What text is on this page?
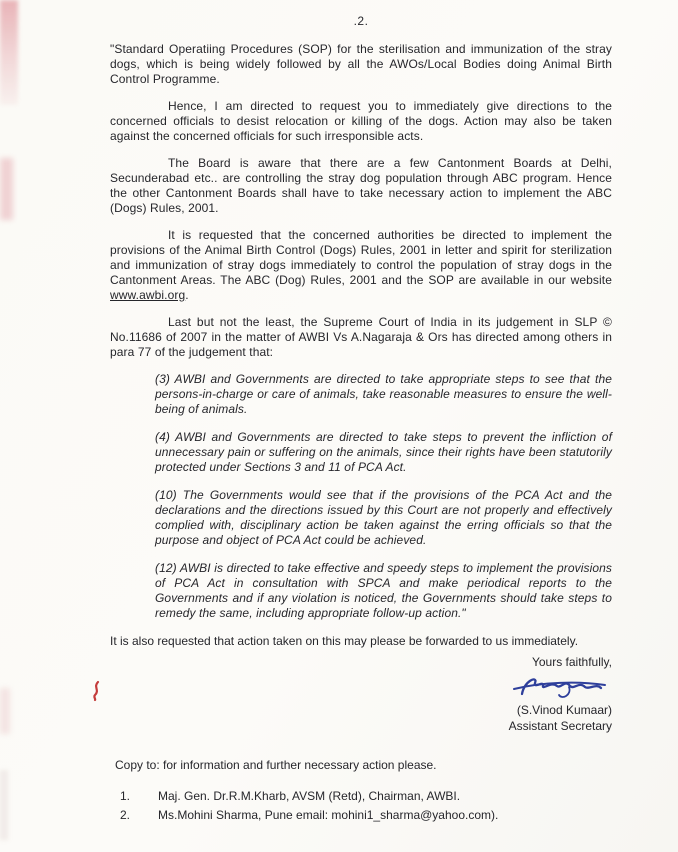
.2.

"Standard Operatiing Procedures (SOP) for the sterilisation and immunization of the stray dogs, which is being widely followed by all the AWOs/Local Bodies doing Animal Birth Control Programme.

Hence, I am directed to request you to immediately give directions to the concerned officials to desist relocation or killing of the dogs. Action may also be taken against the concerned officials for such irresponsible acts.

The Board is aware that there are a few Cantonment Boards at Delhi, Secunderabad etc.. are controlling the stray dog population through ABC program. Hence the other Cantonment Boards shall have to take necessary action to implement the ABC (Dogs) Rules, 2001.

It is requested that the concerned authorities be directed to implement the provisions of the Animal Birth Control (Dogs) Rules, 2001 in letter and spirit for sterilization and immunization of stray dogs immediately to control the population of stray dogs in the Cantonment Areas. The ABC (Dog) Rules, 2001 and the SOP are available in our website www.awbi.org.

Last but not the least, the Supreme Court of India in its judgement in SLP © No.11686 of 2007 in the matter of AWBI Vs A.Nagaraja & Ors has directed among others in para 77 of the judgement that:

(3) AWBI and Governments are directed to take appropriate steps to see that the persons-in-charge or care of animals, take reasonable measures to ensure the well-being of animals.

(4) AWBI and Governments are directed to take steps to prevent the infliction of unnecessary pain or suffering on the animals, since their rights have been statutorily protected under Sections 3 and 11 of PCA Act.

(10) The Governments would see that if the provisions of the PCA Act and the declarations and the directions issued by this Court are not properly and effectively complied with, disciplinary action be taken against the erring officials so that the purpose and object of PCA Act could be achieved.

(12) AWBI is directed to take effective and speedy steps to implement the provisions of PCA Act in consultation with SPCA and make periodical reports to the Governments and if any violation is noticed, the Governments should take steps to remedy the same, including appropriate follow-up action."

It is also requested that action taken on this may please be forwarded to us immediately.

Yours faithfully,

(S.Vinod Kumaar)

Assistant Secretary

Copy to: for information and further necessary action please.

1.	Maj. Gen. Dr.R.M.Kharb, AVSM (Retd), Chairman, AWBI.
2.	Ms.Mohini Sharma, Pune email: mohini1_sharma@yahoo.com).
